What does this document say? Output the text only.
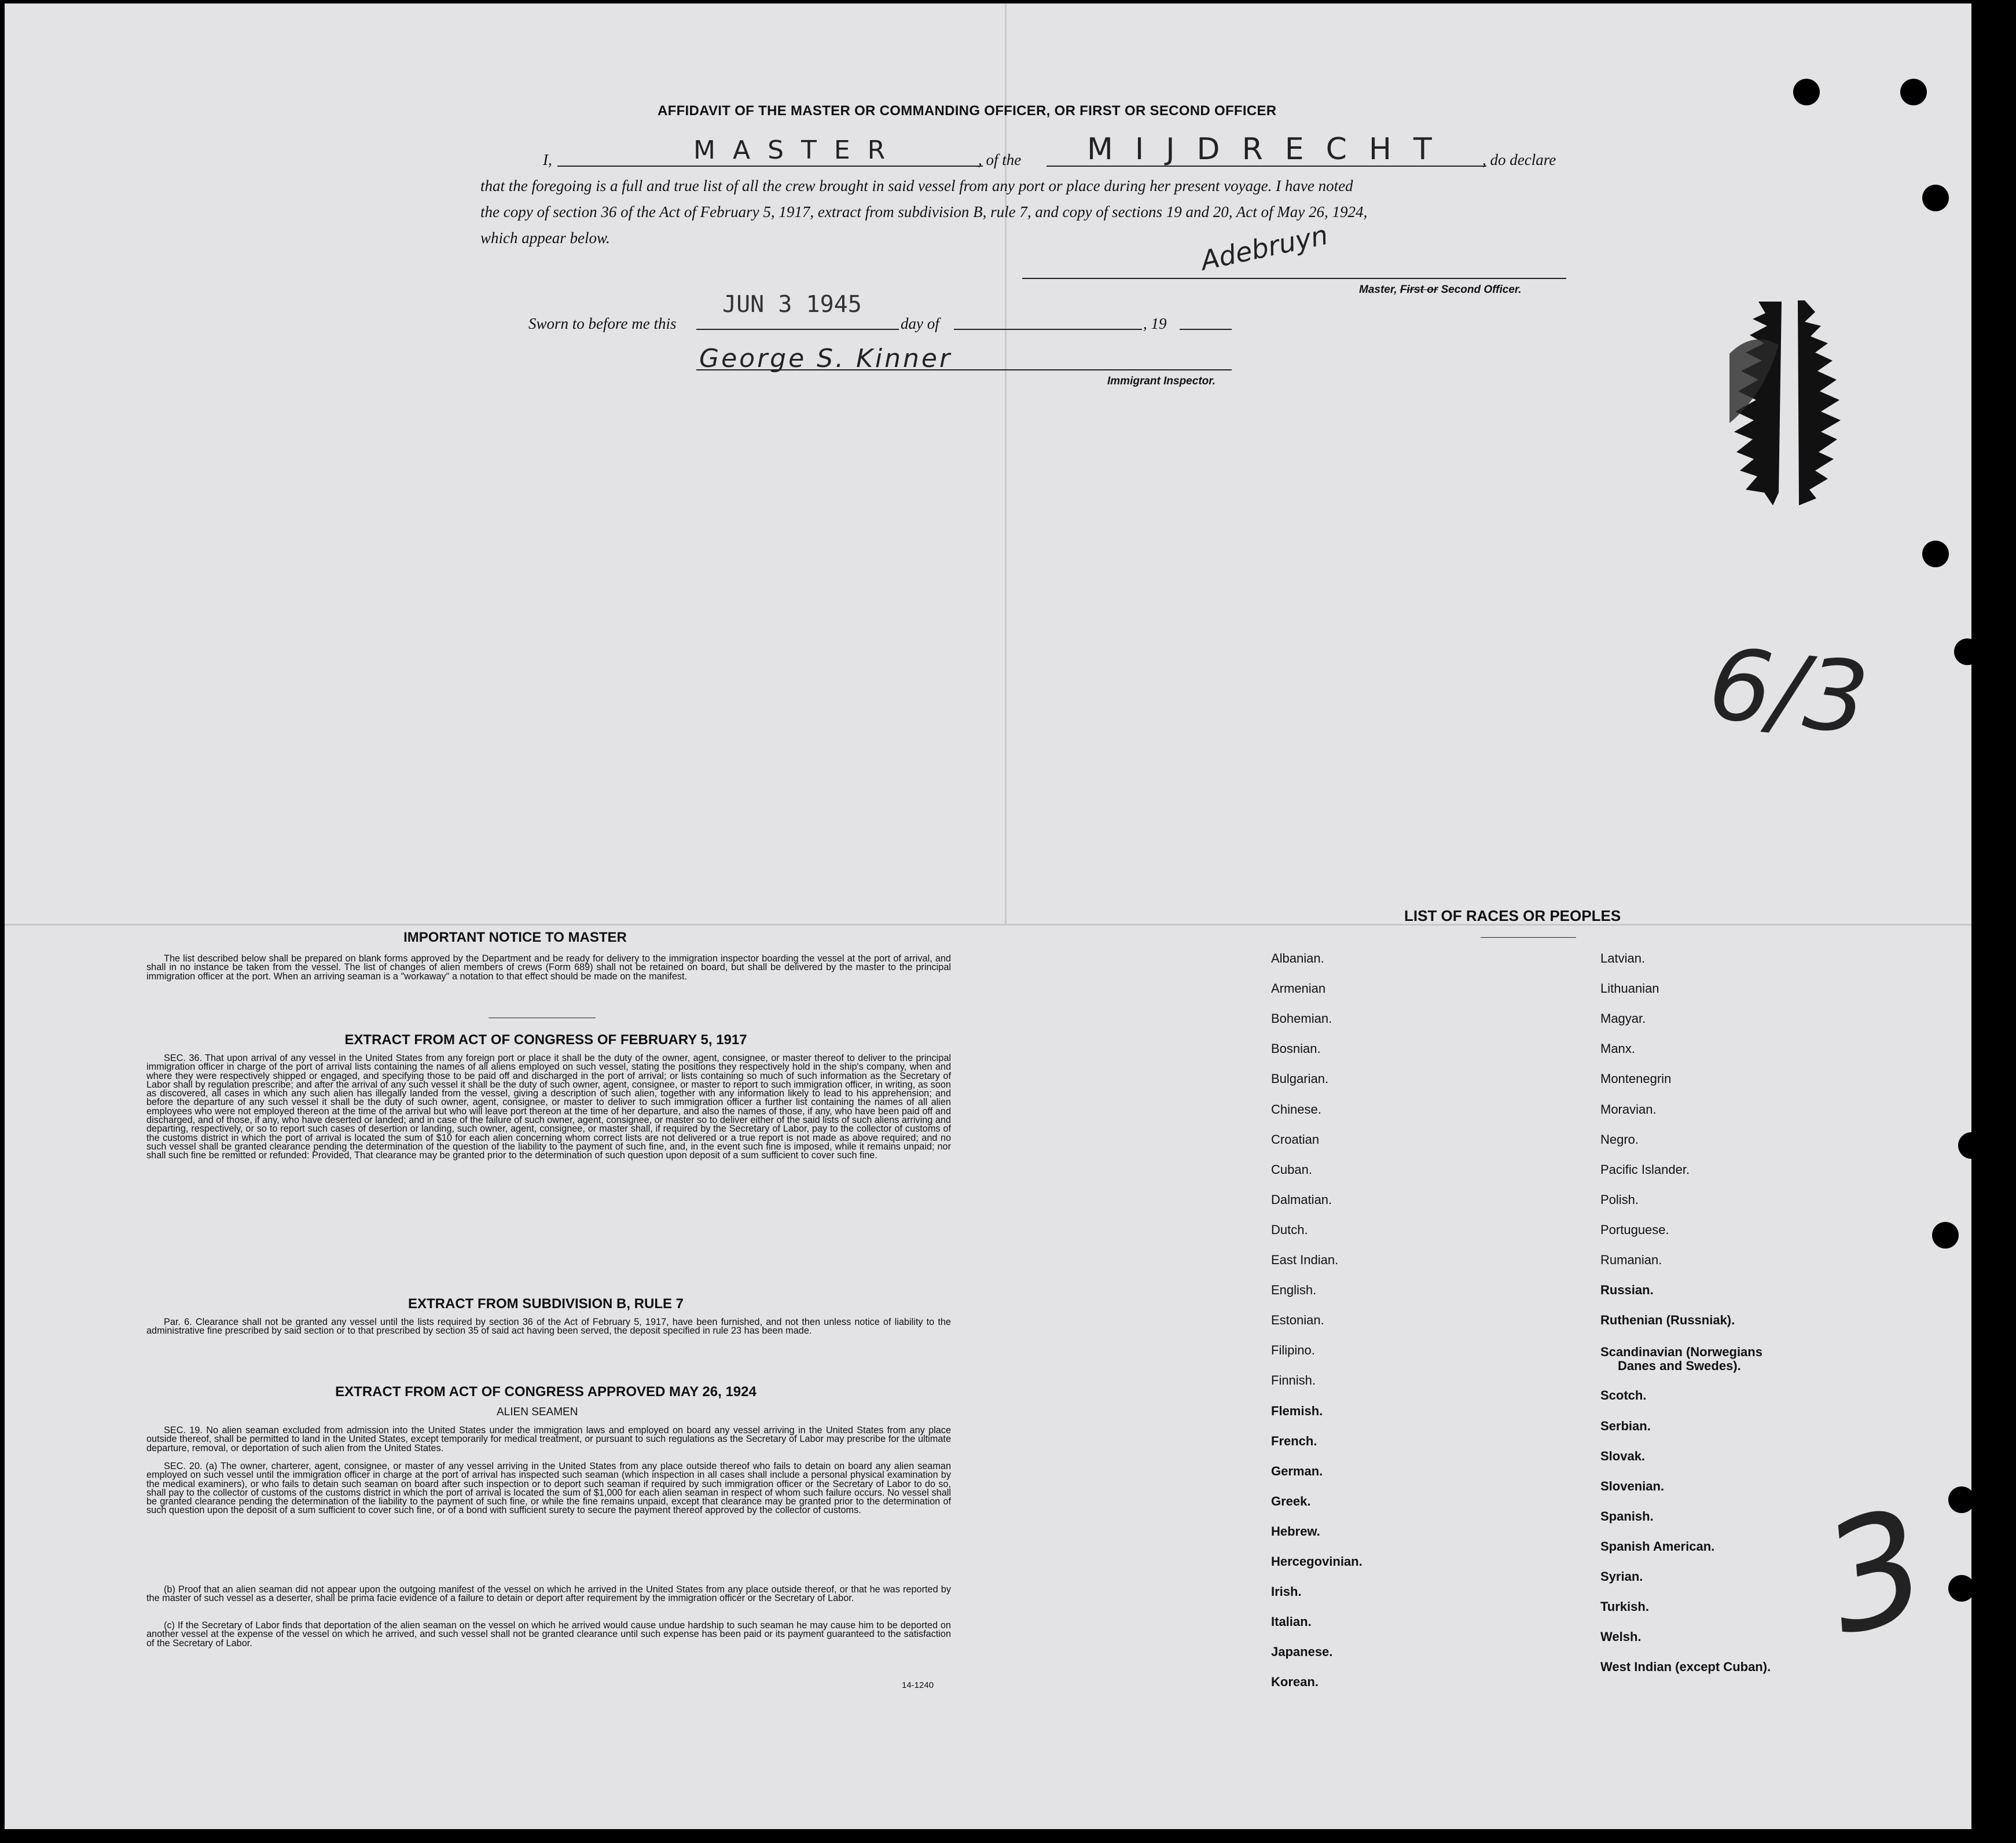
AFFIDAVIT OF THE MASTER OR COMMANDING OFFICER, OR FIRST OR SECOND OFFICER
I,	MASTER	, of the MIJDRECHT , do declare
that the foregoing is a full and true list of all the crew brought in said vessel from any port or place during her present voyage. I have noted
the copy of section 36 of the Act of February 5, 1917, extract from subdivision B, rule 7, and copy of sections 19 and 20, Act of May 26, 1924,
which appear below.	Adebruyn
Master, First or Second Officer.
Sworn to before me this
JUN 3 1945
day of	, 19
George S. Kinner
Immigrant Inspector.
6/3
3
IMPORTANT NOTICE TO MASTER
The list described below shall be prepared on blank forms approved by the Department and be ready for delivery to the immigration inspector boarding the vessel at the port of arrival, and shall in no instance be taken from the vessel. The list of changes of alien members of crews (Form 689) shall not be retained on board, but shall be delivered by the master to the principal immigration officer at the port. When an arriving seaman is a "workaway" a notation to that effect should be made on the manifest.
EXTRACT FROM ACT OF CONGRESS OF FEBRUARY 5, 1917
SEC. 36. That upon arrival of any vessel in the United States from any foreign port or place it shall be the duty of the owner, agent, consignee, or master thereof to deliver to the principal immigration officer in charge of the port of arrival lists containing the names of all aliens employed on such vessel, stating the positions they respectively hold in the ship's company, when and where they were respectively shipped or engaged, and specifying those to be paid off and discharged in the port of arrival; or lists containing so much of such information as the Secretary of Labor shall by regulation prescribe; and after the arrival of any such vessel it shall be the duty of such owner, agent, consignee, or master to report to such immigration officer, in writing, as soon as discovered, all cases in which any such alien has illegally landed from the vessel, giving a description of such alien, together with any information likely to lead to his apprehension; and before the departure of any such vessel it shall be the duty of such owner, agent, consignee, or master to deliver to such immigration officer a further list containing the names of all alien employees who were not employed thereon at the time of the arrival but who will leave port thereon at the time of her departure, and also the names of those, if any, who have been paid off and discharged, and of those, if any, who have deserted or landed; and in case of the failure of such owner, agent, consignee, or master so to deliver either of the said lists of such aliens arriving and departing, respectively, or so to report such cases of desertion or landing, such owner, agent, consignee, or master shall, if required by the Secretary of Labor, pay to the collector of customs of the customs district in which the port of arrival is located the sum of $10 for each alien concerning whom correct lists are not delivered or a true report is not made as above required; and no such vessel shall be granted clearance pending the determination of the question of the liability to the payment of such fine, and, in the event such fine is imposed, while it remains unpaid; nor shall such fine be remitted or refunded: Provided, That clearance may be granted prior to the determination of such question upon deposit of a sum sufficient to cover such fine.
EXTRACT FROM SUBDIVISION B, RULE 7
Par. 6. Clearance shall not be granted any vessel until the lists required by section 36 of the Act of February 5, 1917, have been furnished, and not then unless notice of liability to the administrative fine prescribed by said section or to that prescribed by section 35 of said act having been served, the deposit specified in rule 23 has been made.
EXTRACT FROM ACT OF CONGRESS APPROVED MAY 26, 1924
ALIEN SEAMEN
SEC. 19. No alien seaman excluded from admission into the United States under the immigration laws and employed on board any vessel arriving in the United States from any place outside thereof, shall be permitted to land in the United States, except temporarily for medical treatment, or pursuant to such regulations as the Secretary of Labor may prescribe for the ultimate departure, removal, or deportation of such alien from the United States.
SEC. 20. (a) The owner, charterer, agent, consignee, or master of any vessel arriving in the United States from any place outside thereof who fails to detain on board any alien seaman employed on such vessel until the immigration officer in charge at the port of arrival has inspected such seaman (which inspection in all cases shall include a personal physical examination by the medical examiners), or who fails to detain such seaman on board after such inspection or to deport such seaman if required by such immigration officer or the Secretary of Labor to do so, shall pay to the collector of customs of the customs district in which the port of arrival is located the sum of $1,000 for each alien seaman in respect of whom such failure occurs. No vessel shall be granted clearance pending the determination of the liability to the payment of such fine, or while the fine remains unpaid, except that clearance may be granted prior to the determination of such question upon the deposit of a sum sufficient to cover such fine, or of a bond with sufficient surety to secure the payment thereof approved by the collector of customs.
(b) Proof that an alien seaman did not appear upon the outgoing manifest of the vessel on which he arrived in the United States from any place outside thereof, or that he was reported by the master of such vessel as a deserter, shall be prima facie evidence of a failure to detain or deport after requirement by the immigration officer or the Secretary of Labor.
(c) If the Secretary of Labor finds that deportation of the alien seaman on the vessel on which he arrived would cause undue hardship to such seaman he may cause him to be deported on another vessel at the expense of the vessel on which he arrived, and such vessel shall not be granted clearance until such expense has been paid or its payment guaranteed to the satisfaction of the Secretary of Labor.
14-1240
LIST OF RACES OR PEOPLES
Albanian.
Armenian
Bohemian.
Bosnian.
Bulgarian.
Chinese.
Croatian
Cuban.
Dalmatian.
Dutch.
East Indian.
English.
Estonian.
Filipino.
Finnish.
Flemish.
French.
German.
Greek.
Hebrew.
Hercegovinian.
Irish.
Italian.
Japanese.
Korean.
Latvian.
Lithuanian
Magyar.
Manx.
Montenegrin
Moravian.
Negro.
Pacific Islander.
Polish.
Portuguese.
Rumanian.
Russian.
Ruthenian (Russniak).
Scandinavian (Norwegians
Danes and Swedes).
Scotch.
Serbian.
Slovak.
Slovenian.
Spanish.
Spanish American.
Syrian.
Turkish.
Welsh.
West Indian (except Cuban).
